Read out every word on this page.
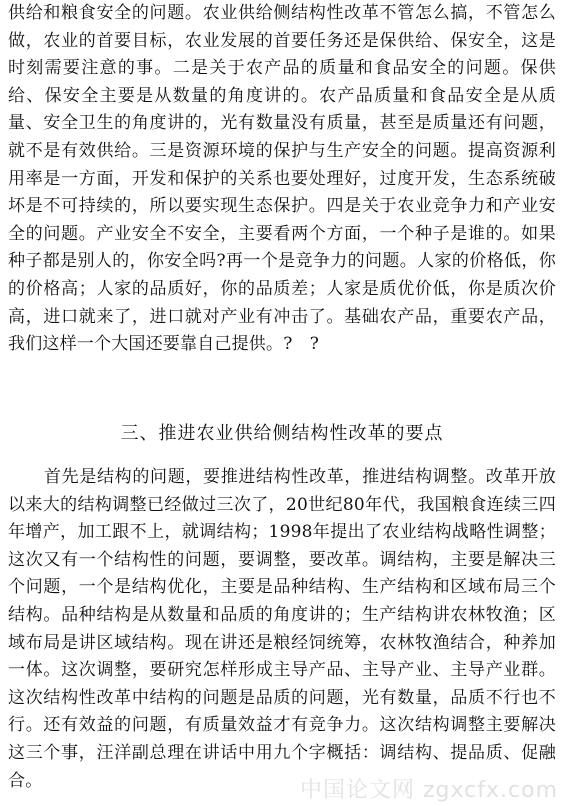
供给和粮食安全的问题。农业供给侧结构性改革不管怎么搞，不管怎么做，农业的首要目标，农业发展的首要任务还是保供给、保安全，这是时刻需要注意的事。二是关于农产品的质量和食品安全的问题。保供给、保安全主要是从数量的角度讲的。农产品质量和食品安全是从质量、安全卫生的角度讲的，光有数量没有质量，甚至是质量还有问题，就不是有效供给。三是资源环境的保护与生产安全的问题。提高资源利用率是一方面，开发和保护的关系也要处理好，过度开发，生态系统破坏是不可持续的，所以要实现生态保护。四是关于农业竞争力和产业安全的问题。产业安全不安全，主要看两个方面，一个种子是谁的。如果种子都是别人的，你安全吗?再一个是竞争力的问题。人家的价格低，你的价格高；人家的品质好，你的品质差；人家是质优价低，你是质次价高，进口就来了，进口就对产业有冲击了。基础农产品，重要农产品，我们这样一个大国还要靠自己提供。?　?

三、推进农业供给侧结构性改革的要点

首先是结构的问题，要推进结构性改革，推进结构调整。改革开放以来大的结构调整已经做过三次了，20世纪80年代，我国粮食连续三四年增产，加工跟不上，就调结构；1998年提出了农业结构战略性调整；这次又有一个结构性的问题，要调整，要改革。调结构，主要是解决三个问题，一个是结构优化，主要是品种结构、生产结构和区域布局三个结构。品种结构是从数量和品质的角度讲的；生产结构讲农林牧渔；区域布局是讲区域结构。现在讲还是粮经饲统筹，农林牧渔结合，种养加一体。这次调整，要研究怎样形成主导产品、主导产业、主导产业群。这次结构性改革中结构的问题是品质的问题，光有数量，品质不行也不行。还有效益的问题，有质量效益才有竞争力。这次结构调整主要解决这三个事，汪洋副总理在讲话中用九个字概括：调结构、提品质、促融合。	中国论文网 zgxcfx.com
